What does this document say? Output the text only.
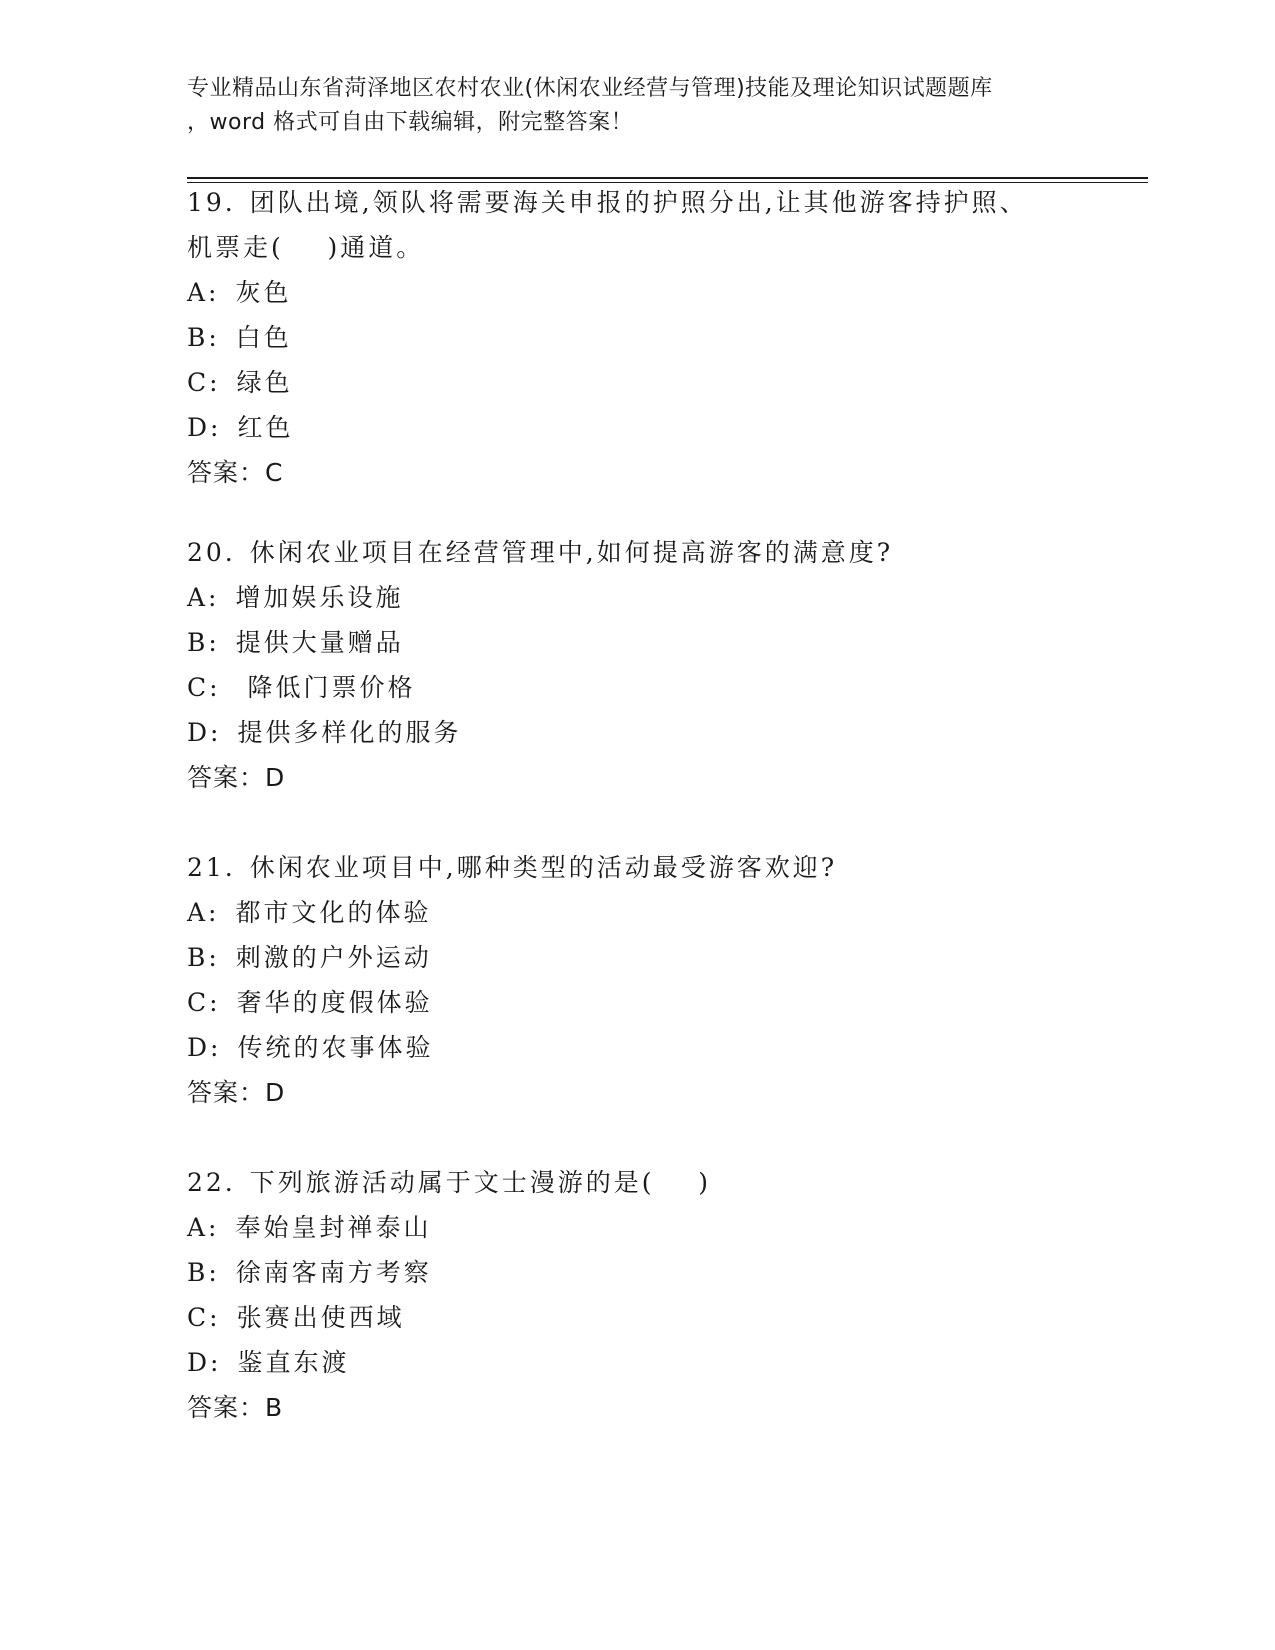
专业精品山东省菏泽地区农村农业(休闲农业经营与管理)技能及理论知识试题题库
，word 格式可自由下载编辑，附完整答案！
19. 团队出境,领队将需要海关申报的护照分出,让其他游客持护照、
机票走(    )通道。
A: 灰色
B: 白色
C: 绿色
D: 红色
答案：C
20. 休闲农业项目在经营管理中,如何提高游客的满意度?
A: 增加娱乐设施
B: 提供大量赠品
C: 降低门票价格
D: 提供多样化的服务
答案：D
21. 休闲农业项目中,哪种类型的活动最受游客欢迎?
A: 都市文化的体验
B: 刺激的户外运动
C: 奢华的度假体验
D: 传统的农事体验
答案：D
22. 下列旅游活动属于文士漫游的是(    )
A: 奉始皇封禅泰山
B: 徐南客南方考察
C: 张赛出使西域
D: 鉴直东渡
答案：B
